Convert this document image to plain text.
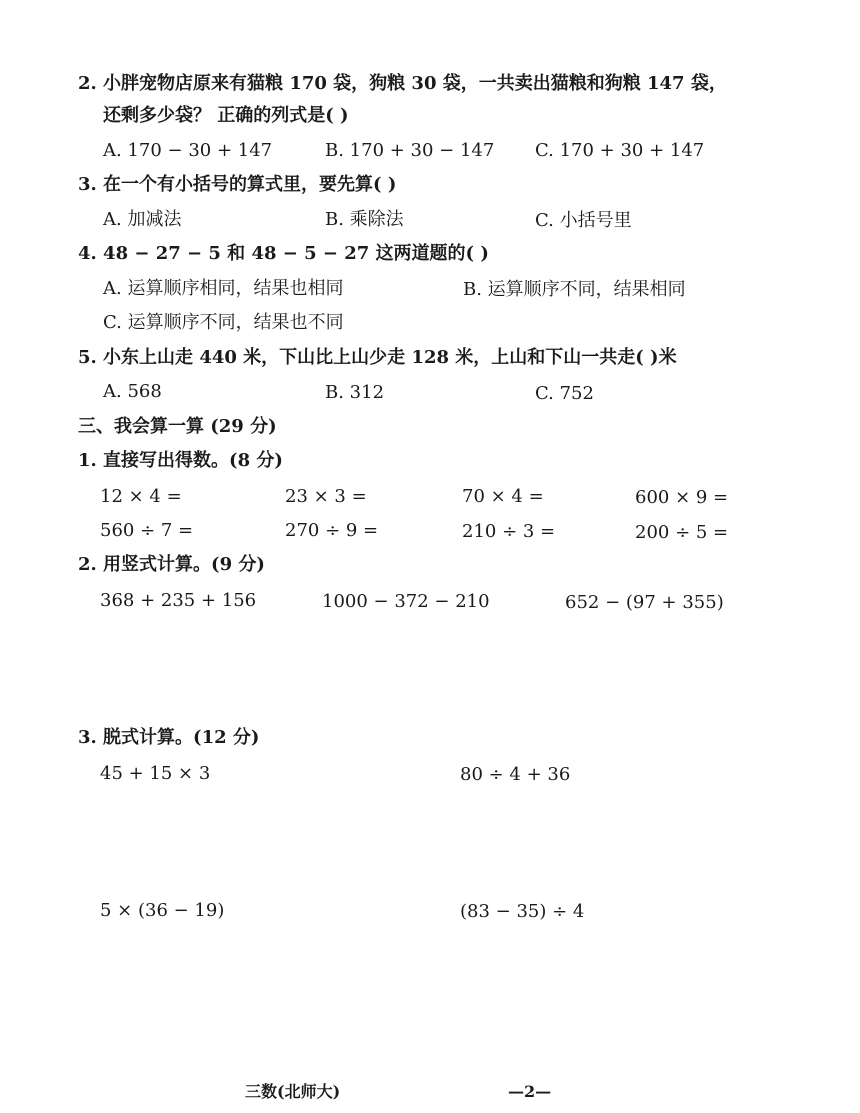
2. 小胖宠物店原来有猫粮 170 袋，狗粮 30 袋，一共卖出猫粮和狗粮 147 袋，
还剩多少袋？ 正确的列式是( )
A. 170 − 30 + 147	B. 170 + 30 − 147 C. 170 + 30 + 147
3. 在一个有小括号的算式里，要先算( )
A. 加减法	B. 乘除法	C. 小括号里
4. 48 − 27 − 5 和 48 − 5 − 27 这两道题的( )
A. 运算顺序相同，结果也相同	B. 运算顺序不同，结果相同
C. 运算顺序不同，结果也不同
5. 小东上山走 440 米，下山比上山少走 128 米，上山和下山一共走( )米
A. 568	B. 312	C. 752
三、我会算一算 (29 分)
1. 直接写出得数。(8 分)
12 × 4 =	23 × 3 =	70 × 4 =	600 × 9 =
560 ÷ 7 =	270 ÷ 9 =	210 ÷ 3 =	200 ÷ 5 =
2. 用竖式计算。(9 分)
368 + 235 + 156	1000 − 372 − 210	652 − (97 + 355)
3. 脱式计算。(12 分)
45 + 15 × 3	80 ÷ 4 + 36
5 × (36 − 19)	(83 − 35) ÷ 4
三数(北师大)	—2—
